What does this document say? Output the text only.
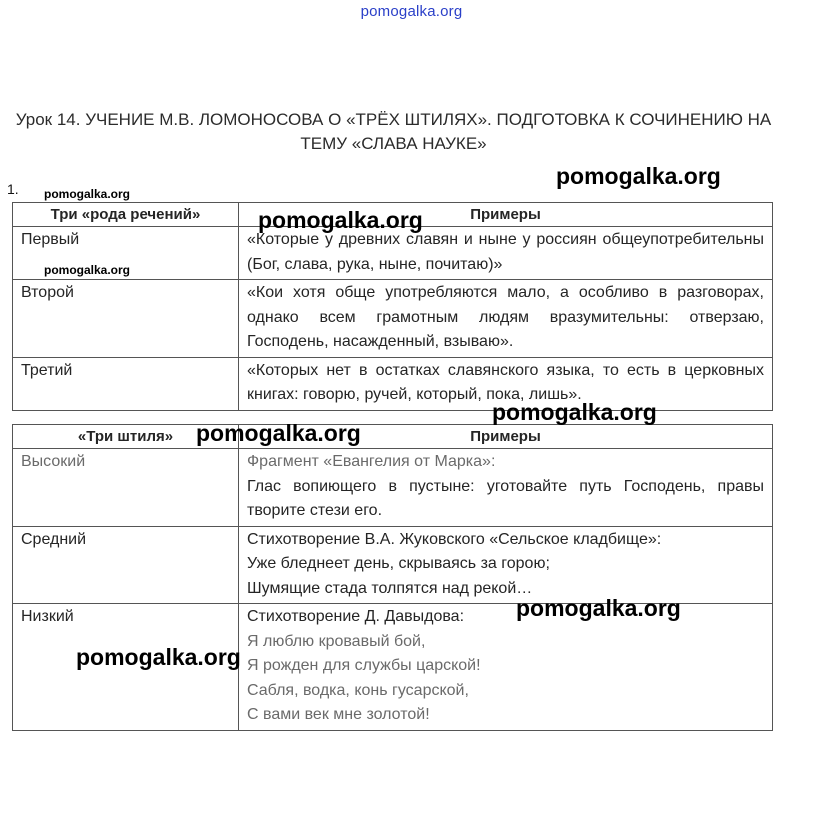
pomogalka.org
Урок 14. УЧЕНИЕ М.В. ЛОМОНОСОВА О «ТРЁХ ШТИЛЯХ». ПОДГОТОВКА К СОЧИНЕНИЮ НА
ТЕМУ «СЛАВА НАУКЕ»
1.
Три «рода речений»	Примеры
Первый	«Которые у древних славян и ныне у россиян общеупотребительны (Бог, слава, рука, ныне, почитаю)»
Второй	«Кои хотя обще употребляются мало, а особливо в разговорах, однако всем грамотным людям вразумительны: отверзаю, Господень, насажденный, взываю».
Третий	«Которых нет в остатках славянского языка, то есть в церковных книгах: говорю, ручей, который, пока, лишь».
«Три штиля»	Примеры
Высокий	Фрагмент «Евангелия от Марка»:
Глас вопиющего в пустыне: уготовайте путь Господень, правы творите стези его.

Средний	Стихотворение В.А. Жуковского «Сельское кладбище»:
Уже бледнеет день, скрываясь за горою;
Шумящие стада толпятся над рекой…

Низкий	Стихотворение Д. Давыдова:
Я люблю кровавый бой,
Я рожден для службы царской!
Сабля, водка, конь гусарской,
С вами век мне золотой!
pomogalka.org
pomogalka.org
pomogalka.org
pomogalka.org
pomogalka.org
pomogalka.org
pomogalka.org
pomogalka.org
